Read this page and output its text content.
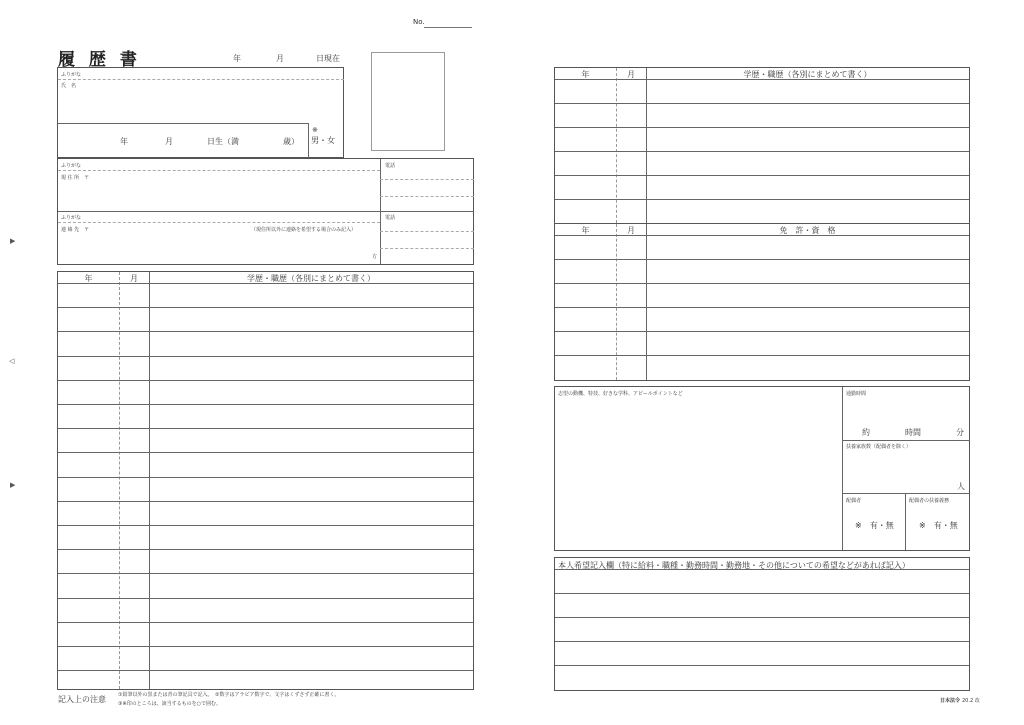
No.
履 歴 書	年	月	日現在
ふりがな
氏　名
年	月	日生（満	歳）
※
男・女
ふりがな
現 住 所　〒
電話
ふりがな
連 絡 先　〒	（現住所以外に連絡を希望する場合のみ記入）
方
電話
年	月	学歴・職歴（各別にまとめて書く）
記入上の注意 ①鉛筆以外の黒または青の筆記具で記入。　②数字はアラビア数字で、文字はくずさず正確に書く。
③※印のところは、該当するものを○で囲む。
▶
◁
▶
年	月	学歴・職歴（各別にまとめて書く）
年	月	免　許・資　格
志望の動機、特技、好きな学科、アピールポイントなど	通勤時間
約	時間	分
扶養家族数（配偶者を除く）
人
配偶者
※　有・無
配偶者の扶養義務
※　有・無
本人希望記入欄（特に給料・職種・勤務時間・勤務地・その他についての希望などがあれば記入）
日本法令 20.2 改
